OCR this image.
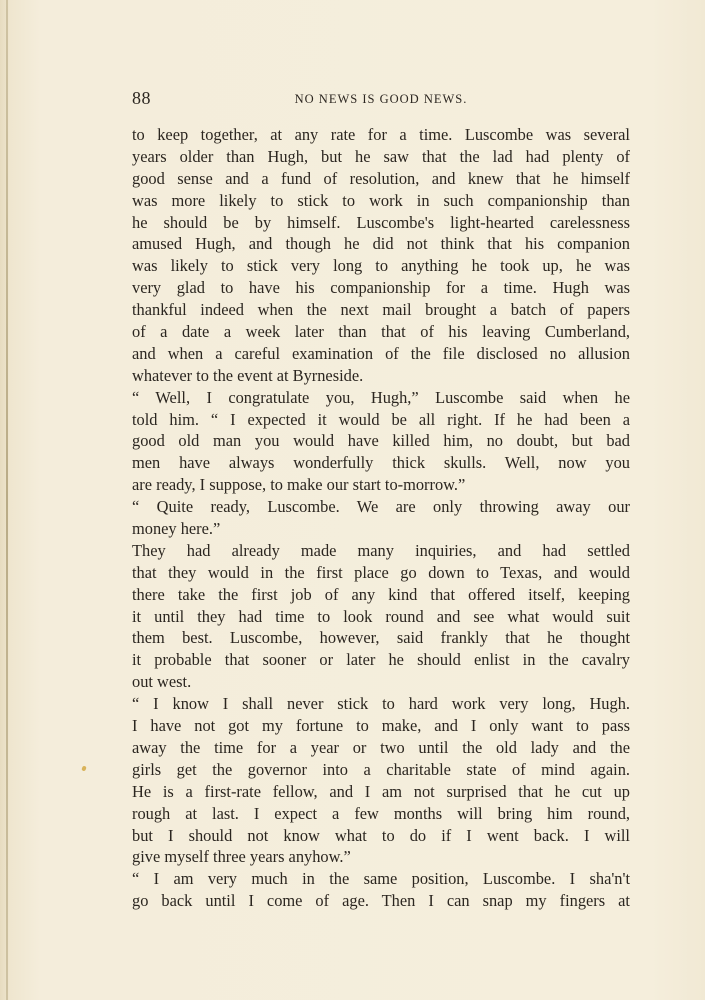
88	NO NEWS IS GOOD NEWS.
to keep together, at any rate for a time. Luscombe was several
years older than Hugh, but he saw that the lad had plenty of
good sense and a fund of resolution, and knew that he himself
was more likely to stick to work in such companionship than
he should be by himself. Luscombe's light-hearted carelessness
amused Hugh, and though he did not think that his companion
was likely to stick very long to anything he took up, he was
very glad to have his companionship for a time. Hugh was
thankful indeed when the next mail brought a batch of papers
of a date a week later than that of his leaving Cumberland,
and when a careful examination of the file disclosed no allusion
whatever to the event at Byrneside.
“ Well, I congratulate you, Hugh,” Luscombe said when he
told him. “ I expected it would be all right. If he had been a
good old man you would have killed him, no doubt, but bad
men have always wonderfully thick skulls. Well, now you
are ready, I suppose, to make our start to-morrow.”
“ Quite ready, Luscombe. We are only throwing away our
money here.”
They had already made many inquiries, and had settled
that they would in the first place go down to Texas, and would
there take the first job of any kind that offered itself, keeping
it until they had time to look round and see what would suit
them best. Luscombe, however, said frankly that he thought
it probable that sooner or later he should enlist in the cavalry
out west.
“ I know I shall never stick to hard work very long, Hugh.
I have not got my fortune to make, and I only want to pass
away the time for a year or two until the old lady and the
girls get the governor into a charitable state of mind again.
He is a first-rate fellow, and I am not surprised that he cut up
rough at last. I expect a few months will bring him round,
but I should not know what to do if I went back. I will
give myself three years anyhow.”
“ I am very much in the same position, Luscombe. I sha'n't
go back until I come of age. Then I can snap my fingers at
